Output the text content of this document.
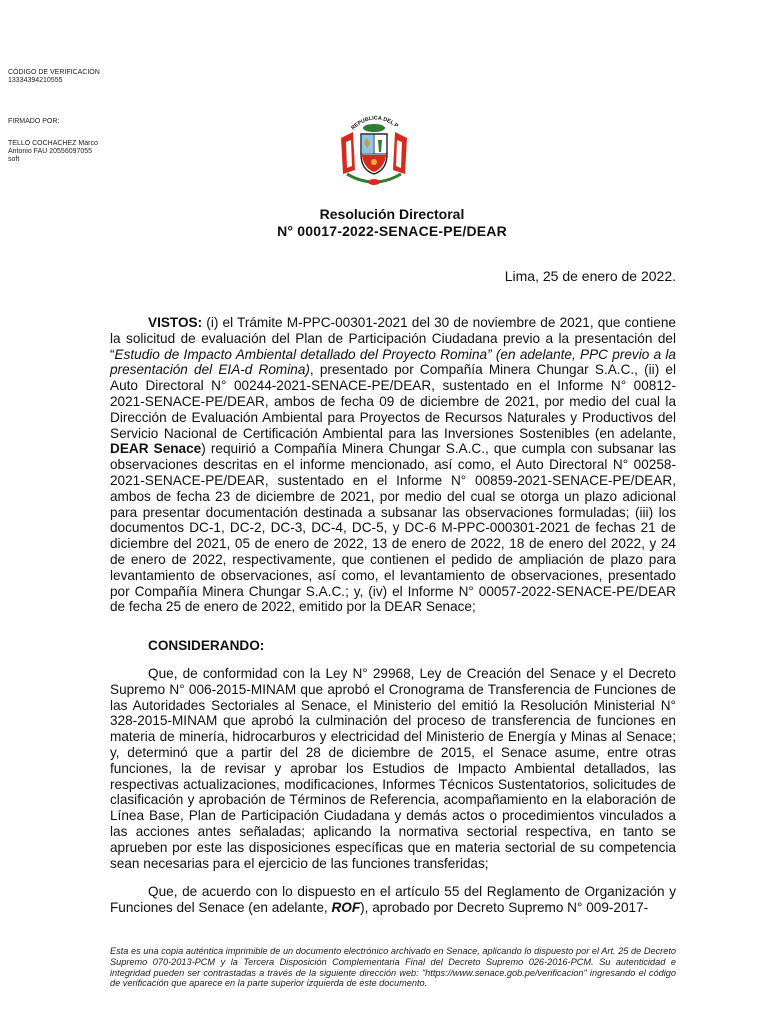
CÓDIGO DE VERIFICACIÓN
13334394210555
FIRMADO POR:
TELLO COCHACHEZ Marco
Antonio FAU 20556097055
soft
REPUBLICA DEL P
Resolución Directoral
N° 00017-2022-SENACE-PE/DEAR
Lima, 25 de enero de 2022.
VISTOS: (i) el Trámite M-PPC-00301-2021 del 30 de noviembre de 2021, que contiene la solicitud de evaluación del Plan de Participación Ciudadana previo a la presentación del “Estudio de Impacto Ambiental detallado del Proyecto Romina” (en adelante, PPC previo a la presentación del EIA-d Romina), presentado por Compañía Minera Chungar S.A.C., (ii) el Auto Directoral N° 00244-2021-SENACE-PE/DEAR, sustentado en el Informe N° 00812-2021-SENACE-PE/DEAR, ambos de fecha 09 de diciembre de 2021, por medio del cual la Dirección de Evaluación Ambiental para Proyectos de Recursos Naturales y Productivos del Servicio Nacional de Certificación Ambiental para las Inversiones Sostenibles (en adelante, DEAR Senace) requirió a Compañía Minera Chungar S.A.C., que cumpla con subsanar las observaciones descritas en el informe mencionado, así como, el Auto Directoral N° 00258-2021-SENACE-PE/DEAR, sustentado en el Informe N° 00859-2021-SENACE-PE/DEAR, ambos de fecha 23 de diciembre de 2021, por medio del cual se otorga un plazo adicional para presentar documentación destinada a subsanar las observaciones formuladas; (iii) los documentos DC-1, DC-2, DC-3, DC-4, DC-5, y DC-6 M-PPC-000301-2021 de fechas 21 de diciembre del 2021, 05 de enero de 2022, 13 de enero de 2022, 18 de enero del 2022, y 24 de enero de 2022, respectivamente, que contienen el pedido de ampliación de plazo para levantamiento de observaciones, así como, el levantamiento de observaciones, presentado por Compañía Minera Chungar S.A.C.; y, (iv) el Informe N° 00057-2022-SENACE-PE/DEAR de fecha 25 de enero de 2022, emitido por la DEAR Senace;
CONSIDERANDO:
Que, de conformidad con la Ley N° 29968, Ley de Creación del Senace y el Decreto Supremo N° 006-2015-MINAM que aprobó el Cronograma de Transferencia de Funciones de las Autoridades Sectoriales al Senace, el Ministerio del emitió la Resolución Ministerial N° 328-2015-MINAM que aprobó la culminación del proceso de transferencia de funciones en materia de minería, hidrocarburos y electricidad del Ministerio de Energía y Minas al Senace; y, determinó que a partir del 28 de diciembre de 2015, el Senace asume, entre otras funciones, la de revisar y aprobar los Estudios de Impacto Ambiental detallados, las respectivas actualizaciones, modificaciones, Informes Técnicos Sustentatorios, solicitudes de clasificación y aprobación de Términos de Referencia, acompañamiento en la elaboración de Línea Base, Plan de Participación Ciudadana y demás actos o procedimientos vinculados a las acciones antes señaladas; aplicando la normativa sectorial respectiva, en tanto se aprueben por este las disposiciones específicas que en materia sectorial de su competencia sean necesarias para el ejercicio de las funciones transferidas;
Que, de acuerdo con lo dispuesto en el artículo 55 del Reglamento de Organización y Funciones del Senace (en adelante, ROF), aprobado por Decreto Supremo N° 009-2017-
Esta es una copia auténtica imprimible de un documento electrónico archivado en Senace, aplicando lo dispuesto por el Art. 25 de Decreto Supremo 070-2013-PCM y la Tercera Disposición Complementaria Final del Decreto Supremo 026-2016-PCM. Su autenticidad e integridad pueden ser contrastadas a través de la siguiente dirección web: "https://www.senace.gob.pe/verificacion" ingresando el código de verificación que aparece en la parte superior izquierda de este documento.
